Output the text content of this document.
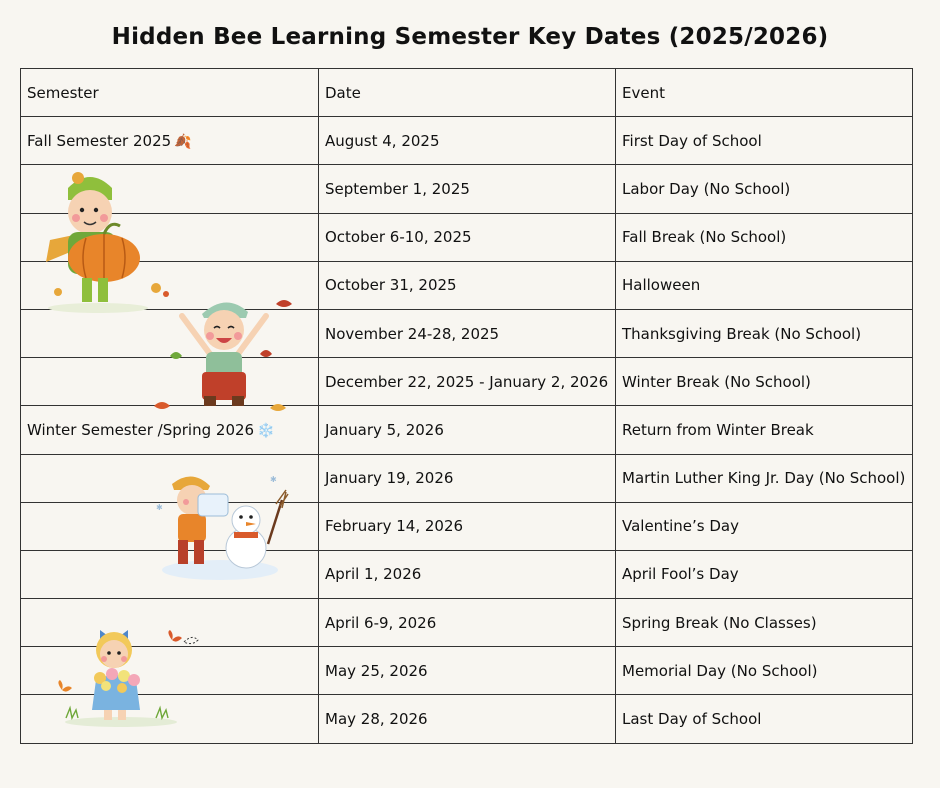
Hidden Bee Learning Semester Key Dates (2025/2026)
Semester	Date	Event
Fall Semester 2025 🍂	August 4, 2025	First Day of School
	September 1, 2025	Labor Day (No School)
	October 6-10, 2025	Fall Break (No School)
	October 31, 2025	Halloween
	November 24-28, 2025	Thanksgiving Break (No School)
	December 22, 2025 - January 2, 2026	Winter Break (No School)
Winter Semester /Spring 2026 ❄️	January 5, 2026	Return from Winter Break
	January 19, 2026	Martin Luther King Jr. Day (No School)
	February 14, 2026	Valentine’s Day
	April 1, 2026	April Fool’s Day
	April 6-9, 2026	Spring Break (No Classes)
	May 25, 2026	Memorial Day (No School)
	May 28, 2026	Last Day of School
✱
✱
